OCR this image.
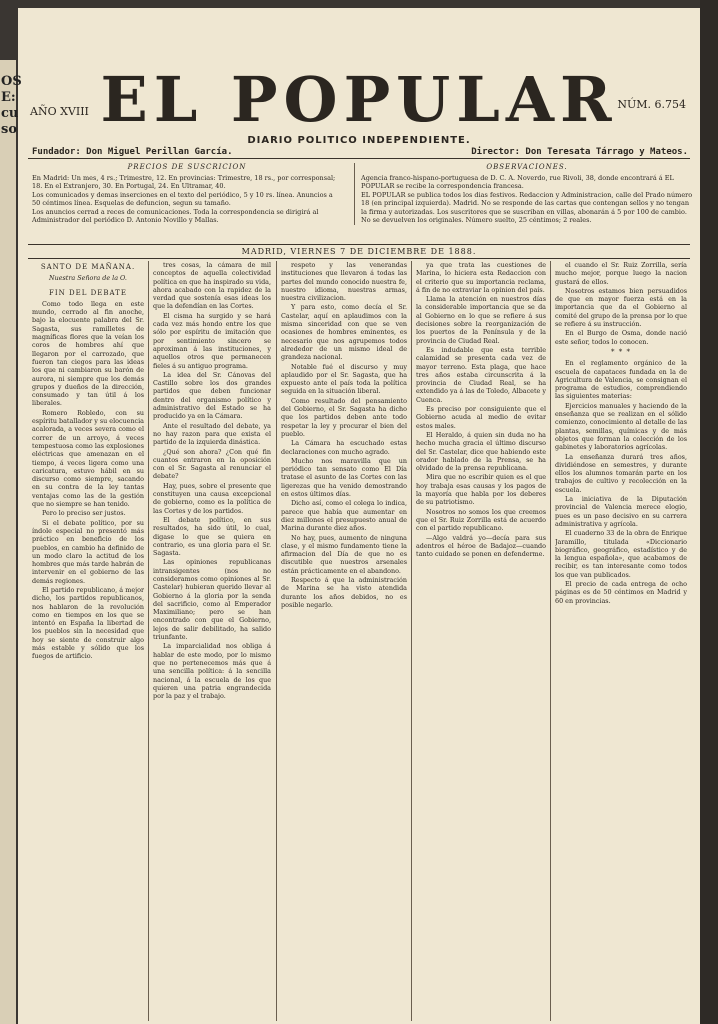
EL POPULAR
AÑO XVIII
NÚM. 6.754
DIARIO POLITICO INDEPENDIENTE.
Fundador: Don Miguel Perillan García.	Director: Don Teresata Tárrago y Mateos.
PRECIOS DE SUSCRICION

En Madrid: Un mes, 4 rs.; Trimestre, 12. En provincias: Trimestre, 18 rs., por corresponsal; 18. En el Extranjero, 30. En Portugal, 24. En Ultramar, 40.

Los comunicados y demas inserciones en el texto del periódico, 5 y 10 rs. línea. Anuncios a 50 céntimos línea. Esquelas de defuncion, segun su tamaño.

Los anuncios cerrad a reces de comunicaciones. Toda la correspondencia se dirigirá al Administrador del periódico D. Antonio Novillo y Mallas.

OBSERVACIONES.

Agencia franco-hispano-portuguesa de D. C. A. Noverdo, rue Rivoli, 38, donde encontrará á EL POPULAR se recibe la correspondencia francesa.

EL POPULAR se publica todos los dias festivos. Redaccion y Administracion, calle del Prado número 18 (en principal izquierda). Madrid. No se responde de las cartas que contengan sellos y no tengan la firma y autorizadas. Los suscritores que se suscriban en villas, abonarán á 5 por 100 de cambio.

No se devuelven los originales. Número suelto, 25 céntimos; 2 reales.

MADRID, VIERNES 7 DE DICIEMBRE DE 1888.

SANTO DE MAÑANA.

Nuestra Señora de la O.

FIN DEL DEBATE

Como todo llega en este mundo, cerrado al fin anoche, bajo la elocuente palabra del Sr. Sagasta, sus ramilletes de magníficas flores que la veían los coros de hombres ahí que llegaron por el carrozado, que fueron tan ciegos para las ideas los que ni cambiaron su barón de aurora, ni siempre que los demás grupos y dueños de la dirección, consumado y tan útil á los liberales.

Romero Robledo, con su espíritu batallador y su elocuencia acalorada, a veces severa como el correr de un arroyo, á veces tempestuosa como las explosiones eléctricas que amenazan en el tiempo, á veces ligera como una caricatura, estuvo hábil en su discurso como siempre, sacando en su contra de la ley tantas ventajas como las de la gestión que no siempre se han tenido.

Pero lo preciso ser justos.

Si el debate político, por su índole especial no presentó más práctico en beneficio de los pueblos, en cambio ha definido de un modo claro la actitud de los hombres que más tarde habrán de intervenir en el gobierno de las demás regiones.

El partido republicano, á mejor dicho, los partidos republicanos, nos hablaron de la revolución como en tiempos en los que se intentó en España la libertad de los pueblos sin la necesidad que hoy se siente de construir algo más estable y sólido que los fuegos de artificio.

tres cosas, la cámara de mil conceptos de aquella colectividad política en que ha inspirado su vida, ahora acabado con la rapidez de la verdad que sostenía esas ideas los que la defendían en las Cortes.

El cisma ha surgido y se hará cada vez más hondo entre los que sólo por espíritu de imitación que por sentimiento sincero se aproximan á las instituciones, y aquellos otros que permanecen fieles á su antiguo programa.

La idea del Sr. Cánovas del Castillo sobre los dos grandes partidos que deben funcionar dentro del organismo político y administrativo del Estado se ha producido ya en la Cámara.

Ante el resultado del debate, ya no hay razon para que exista el partido de la izquierda dinástica.

¿Qué son ahora? ¿Con qué fin cuantos entraron en la oposición con el Sr. Sagasta al renunciar el debate?

Hay, pues, sobre el presente que constituyen una causa excepcional de gobierno, como es la política de las Cortes y de los partidos.

El debate político, en sus resultados, ha sido útil, lo cual, digase lo que se quiera en contrario, es una gloria para el Sr. Sagasta.

Las opiniones republicanas intransigentes (nos no consideramos como opiniones al Sr. Castelar) hubieran querido llevar al Gobierno á la gloria por la senda del sacrificio, como al Emperador Maximiliano; pero se han encontrado con que el Gobierno, lejos de salir debilitado, ha salido triunfante.

La imparcialidad nos obliga á hablar de este modo, por lo mismo que no pertenecemos más que á una sencilla política: á la sencilla nacional, á la escuela de los que quieren una patria engrandecida por la paz y el trabajo.

respeto y las venerandas instituciones que llevaron á todas las partes del mundo conocido nuestra fe, nuestro idioma, nuestras armas, nuestra civilizacion.

Y para esto, como decía el Sr. Castelar, aquí en aplaudimos con la misma sinceridad con que se ven ocasiones de hombres eminentes, es necesario que nos agrupemos todos alrededor de un mismo ideal de grandeza nacional.

Notable fué el discurso y muy aplaudido por el Sr. Sagasta, que ha expuesto ante el país toda la política seguida en la situación liberal.

Como resultado del pensamiento del Gobierno, el Sr. Sagasta ha dicho que los partidos deben ante todo respetar la ley y procurar el bien del pueblo.

La Cámara ha escuchado estas declaraciones con mucho agrado.

Mucho nos maravilla que un periódico tan sensato como El Día tratase el asunto de las Cortes con las ligerezas que ha venido demostrando en estos últimos días.

Dicho así, como el colega lo indica, parece que había que aumentar en diez millones el presupuesto anual de Marina durante diez años.

No hay, pues, aumento de ninguna clase, y el mismo fundamento tiene la afirmacion del Día de que no es discutible que nuestros arsenales están prácticamente en el abandono.

Respecto á que la administración de Marina se ha visto atendida durante los años debidos, no es posible negarlo.

ya que trata las cuestiones de Marina, lo hiciera esta Redaccion con el criterio que su importancia reclama, á fin de no extraviar la opinion del país.

Llama la atención en nuestros días la considerable importancia que se da al Gobierno en lo que se refiere á sus decisiones sobre la reorganización de los puertos de la Península y de la provincia de Ciudad Real.

Es indudable que esta terrible calamidad se presenta cada vez de mayor terreno. Esta plaga, que hace tres años estaba circunscrita á la provincia de Ciudad Real, se ha extendido ya á las de Toledo, Albacete y Cuenca.

Es preciso por consiguiente que el Gobierno acuda al medio de evitar estos males.

El Heraldo, á quien sin duda no ha hecho mucha gracia el último discurso del Sr. Castelar, dice que habiendo este orador hablado de la Prensa, se ha olvidado de la prensa republicana.

Mira que no escribir quien es el que hoy trabaja esas causas y los pagos de la mayoría que habla por los deberes de su patriotismo.

Nosotros no somos los que creemos que el Sr. Ruiz Zorrilla está de acuerdo con el partido republicano.

—Algo valdrá yo—decía para sus adentros el héroe de Badajoz—cuando tanto cuidado se ponen en defenderme.

el cuando el Sr. Ruiz Zorrilla, sería mucho mejor, porque luego la nacion gustará de ellos.

Nosotros estamos bien persuadidos de que en mayor fuerza está en la importancia que da el Gobierno al comité del grupo de la prensa por lo que se refiere á su instrucción.

En el Burgo de Osma, donde nació este señor, todos lo conocen.

* * *

En el reglamento orgánico de la escuela de capataces fundada en la de Agricultura de Valencia, se consignan el programa de estudios, comprendiendo las siguientes materias:

Ejercicios manuales y haciendo de la enseñanza que se realizan en el sólido comienzo, conocimiento al detalle de las plantas, semillas, químicas y de más objetos que forman la colección de los gabinetes y laboratorios agrícolas.

La enseñanza durará tres años, dividiéndose en semestres, y durante ellos los alumnos tomarán parte en los trabajos de cultivo y recolección en la escuela.

La iniciativa de la Diputación provincial de Valencia merece elogio, pues es un paso decisivo en su carrera administrativa y agrícola.

El cuaderno 33 de la obra de Enrique Jaramillo, titulada «Diccionario biográfico, geográfico, estadístico y de la lengua española», que acabamos de recibir, es tan interesante como todos los que van publicados.

El precio de cada entrega de ocho páginas es de 50 céntimos en Madrid y 60 en provincias.

OS
E:
cu
so
